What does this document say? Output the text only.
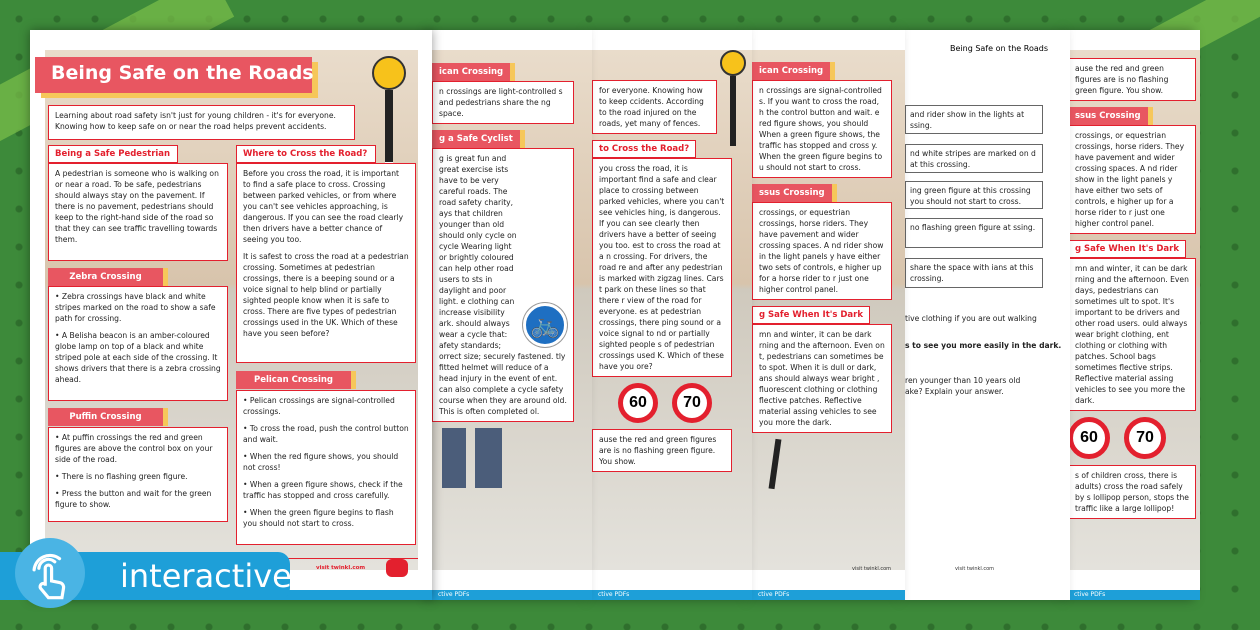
ause the red and green figures are is no flashing green figure. You show.
ssus Crossing
crossings, or equestrian crossings, horse riders. They have pavement and wider crossing spaces. A nd rider show in the light panels y have either two sets of controls, e higher up for a horse rider to r just one higher control panel.
g Safe When It's Dark
mn and winter, it can be dark rning and the afternoon. Even days, pedestrians can sometimes ult to spot. It's important to be drivers and other road users. ould always wear bright clothing, ent clothing or clothing with patches. School bags sometimes flective strips. Reflective material assing vehicles to see you more the dark.
60	70
s of children cross, there is adults) cross the road safely by s lollipop person, stops the traffic like a large lollipop!
ctive PDFs
Being Safe on the Roads
and rider show in the lights at ssing.
nd white stripes are marked on d at this crossing.
ing green figure at this crossing you should not start to cross.
no flashing green figure at ssing.
share the space with ians at this crossing.
tive clothing if you are out walking
s to see you more easily in the dark.
ren younger than 10 years old ake? Explain your answer.
visit twinkl.com
ican Crossing
n crossings are signal-controlled s. If you want to cross the road, h the control button and wait. e red figure shows, you should When a green figure shows, the traffic has stopped and cross y. When the green figure begins to u should not start to cross.
ssus Crossing
crossings, or equestrian crossings, horse riders. They have pavement and wider crossing spaces. A nd rider show in the light panels y have either two sets of controls, e higher up for a horse rider to r just one higher control panel.
g Safe When It's Dark
mn and winter, it can be dark rning and the afternoon. Even on t, pedestrians can sometimes be to spot. When it is dull or dark, ans should always wear bright , fluorescent clothing or clothing flective patches. Reflective material assing vehicles to see you more the dark.
visit twinkl.com
ctive PDFs
for everyone. Knowing how to keep ccidents. According to the road injured on the roads, yet many of fences.
to Cross the Road?
you cross the road, it is important find a safe and clear place to crossing between parked vehicles, where you can't see vehicles hing, is dangerous. If you can see clearly then drivers have a better of seeing you too. est to cross the road at a n crossing. For drivers, the road re and after any pedestrian is marked with zigzag lines. Cars t park on these lines so that there r view of the road for everyone. es at pedestrian crossings, there ping sound or a voice signal to nd or partially sighted people s of pedestrian crossings used K. Which of these have you ore?
60	70
ause the red and green figures are is no flashing green figure. You show.
ctive PDFs
ican Crossing
n crossings are light-controlled s and pedestrians share the ng space.
g a Safe Cyclist
🚲
g is great fun and great exercise ists have to be very careful roads. The road safety charity, ays that children younger than old should only cycle on cycle Wearing light or brightly coloured can help other road users to sts in daylight and poor light. e clothing can increase visibility ark. should always wear a cycle that: afety standards; orrect size; securely fastened. tly fitted helmet will reduce of a head injury in the event of ent. can also complete a cycle safety course when they are around old. This is often completed ol.
ctive PDFs
Being Safe on the Roads
Learning about road safety isn't just for young children - it's for everyone. Knowing how to keep safe on or near the road helps prevent accidents.
Being a Safe Pedestrian
A pedestrian is someone who is walking on or near a road. To be safe, pedestrians should always stay on the pavement. If there is no pavement, pedestrians should keep to the right-hand side of the road so that they can see traffic travelling towards them.
Zebra Crossing

• Zebra crossings have black and white stripes marked on the road to show a safe path for crossing.

• A Belisha beacon is an amber-coloured globe lamp on top of a black and white striped pole at each side of the crossing. It shows drivers that there is a zebra crossing ahead.

Puffin Crossing

• At puffin crossings the red and green figures are above the control box on your side of the road.

• There is no flashing green figure.

• Press the button and wait for the green figure to show.

Where to Cross the Road?

Before you cross the road, it is important to find a safe place to cross. Crossing between parked vehicles, or from where you can't see vehicles approaching, is dangerous. If you can see the road clearly then drivers have a better chance of seeing you too.

It is safest to cross the road at a pedestrian crossing. Sometimes at pedestrian crossings, there is a beeping sound or a voice signal to help blind or partially sighted people know when it is safe to cross. There are five types of pedestrian crossings used in the UK. Which of these have you seen before?

Pelican Crossing

• Pelican crossings are signal-controlled crossings.

• To cross the road, push the control button and wait.

• When the red figure shows, you should not cross!

• When a green figure shows, check if the traffic has stopped and cross carefully.

• When the green figure begins to flash you should not start to cross.

visit twinkl.com
interactive
